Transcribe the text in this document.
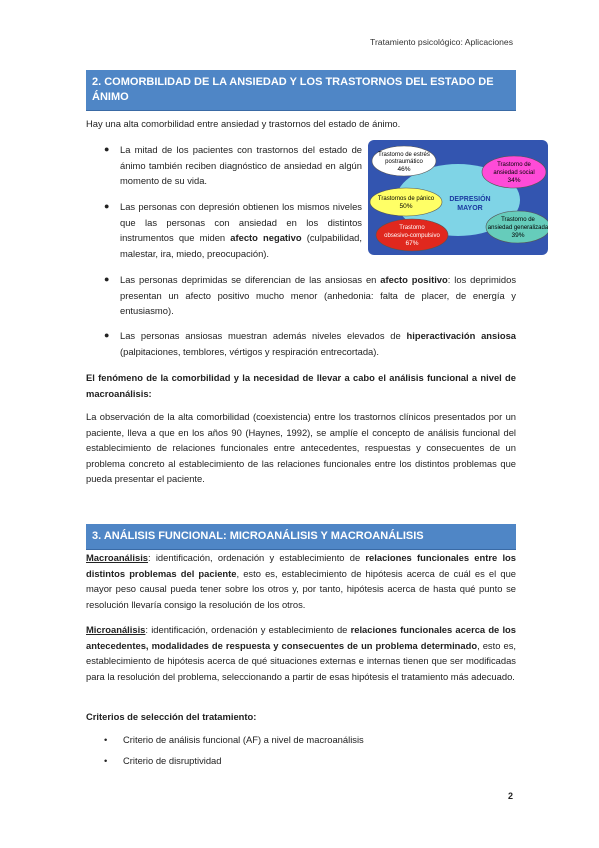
Tratamiento psicológico: Aplicaciones
2. COMORBILIDAD DE LA ANSIEDAD Y LOS TRASTORNOS DEL ESTADO DE ÁNIMO

Hay una alta comorbilidad entre ansiedad y trastornos del estado de ánimo.

● La mitad de los pacientes con trastornos del estado de ánimo también reciben diagnóstico de ansiedad en algún momento de su vida.
● Las personas con depresión obtienen los mismos niveles que las personas con ansiedad en los distintos instrumentos que miden afecto negativo (culpabilidad, malestar, ira, miedo, preocupación).
● Las personas deprimidas se diferencian de las ansiosas en afecto positivo: los deprimidos presentan un afecto positivo mucho menor (anhedonia: falta de placer, de energía y entusiasmo).
● Las personas ansiosas muestran además niveles elevados de hiperactivación ansiosa (palpitaciones, temblores, vértigos y respiración entrecortada).
DEPRESIÓN
MAYOR
Trastorno de estrés
postraumático
46%
Trastorno de
ansiedad social
34%
Trastornos de pánico
50%
Trastorno de
ansiedad generalizada
39%
Trastorno
obsesivo-compulsivo
67%

El fenómeno de la comorbilidad y la necesidad de llevar a cabo el análisis funcional a nivel de macroanálisis:

La observación de la alta comorbilidad (coexistencia) entre los trastornos clínicos presentados por un paciente, lleva a que en los años 90 (Haynes, 1992), se amplíe el concepto de análisis funcional del establecimiento de relaciones funcionales entre antecedentes, respuestas y consecuentes de un problema concreto al establecimiento de las relaciones funcionales entre los distintos problemas que pueda presentar el paciente.

3. ANÁLISIS FUNCIONAL: MICROANÁLISIS Y MACROANÁLISIS

Macroanálisis: identificación, ordenación y establecimiento de relaciones funcionales entre los distintos problemas del paciente, esto es, establecimiento de hipótesis acerca de cuál es el que mayor peso causal pueda tener sobre los otros y, por tanto, hipótesis acerca de hasta qué punto se resolución llevaría consigo la resolución de los otros.

Microanálisis: identificación, ordenación y establecimiento de relaciones funcionales acerca de los antecedentes, modalidades de respuesta y consecuentes de un problema determinado, esto es, establecimiento de hipótesis acerca de qué situaciones externas e internas tienen que ser modificadas para la resolución del problema, seleccionando a partir de esas hipótesis el tratamiento más adecuado.

Criterios de selección del tratamiento:

• Criterio de análisis funcional (AF) a nivel de macroanálisis
• Criterio de disruptividad
2
